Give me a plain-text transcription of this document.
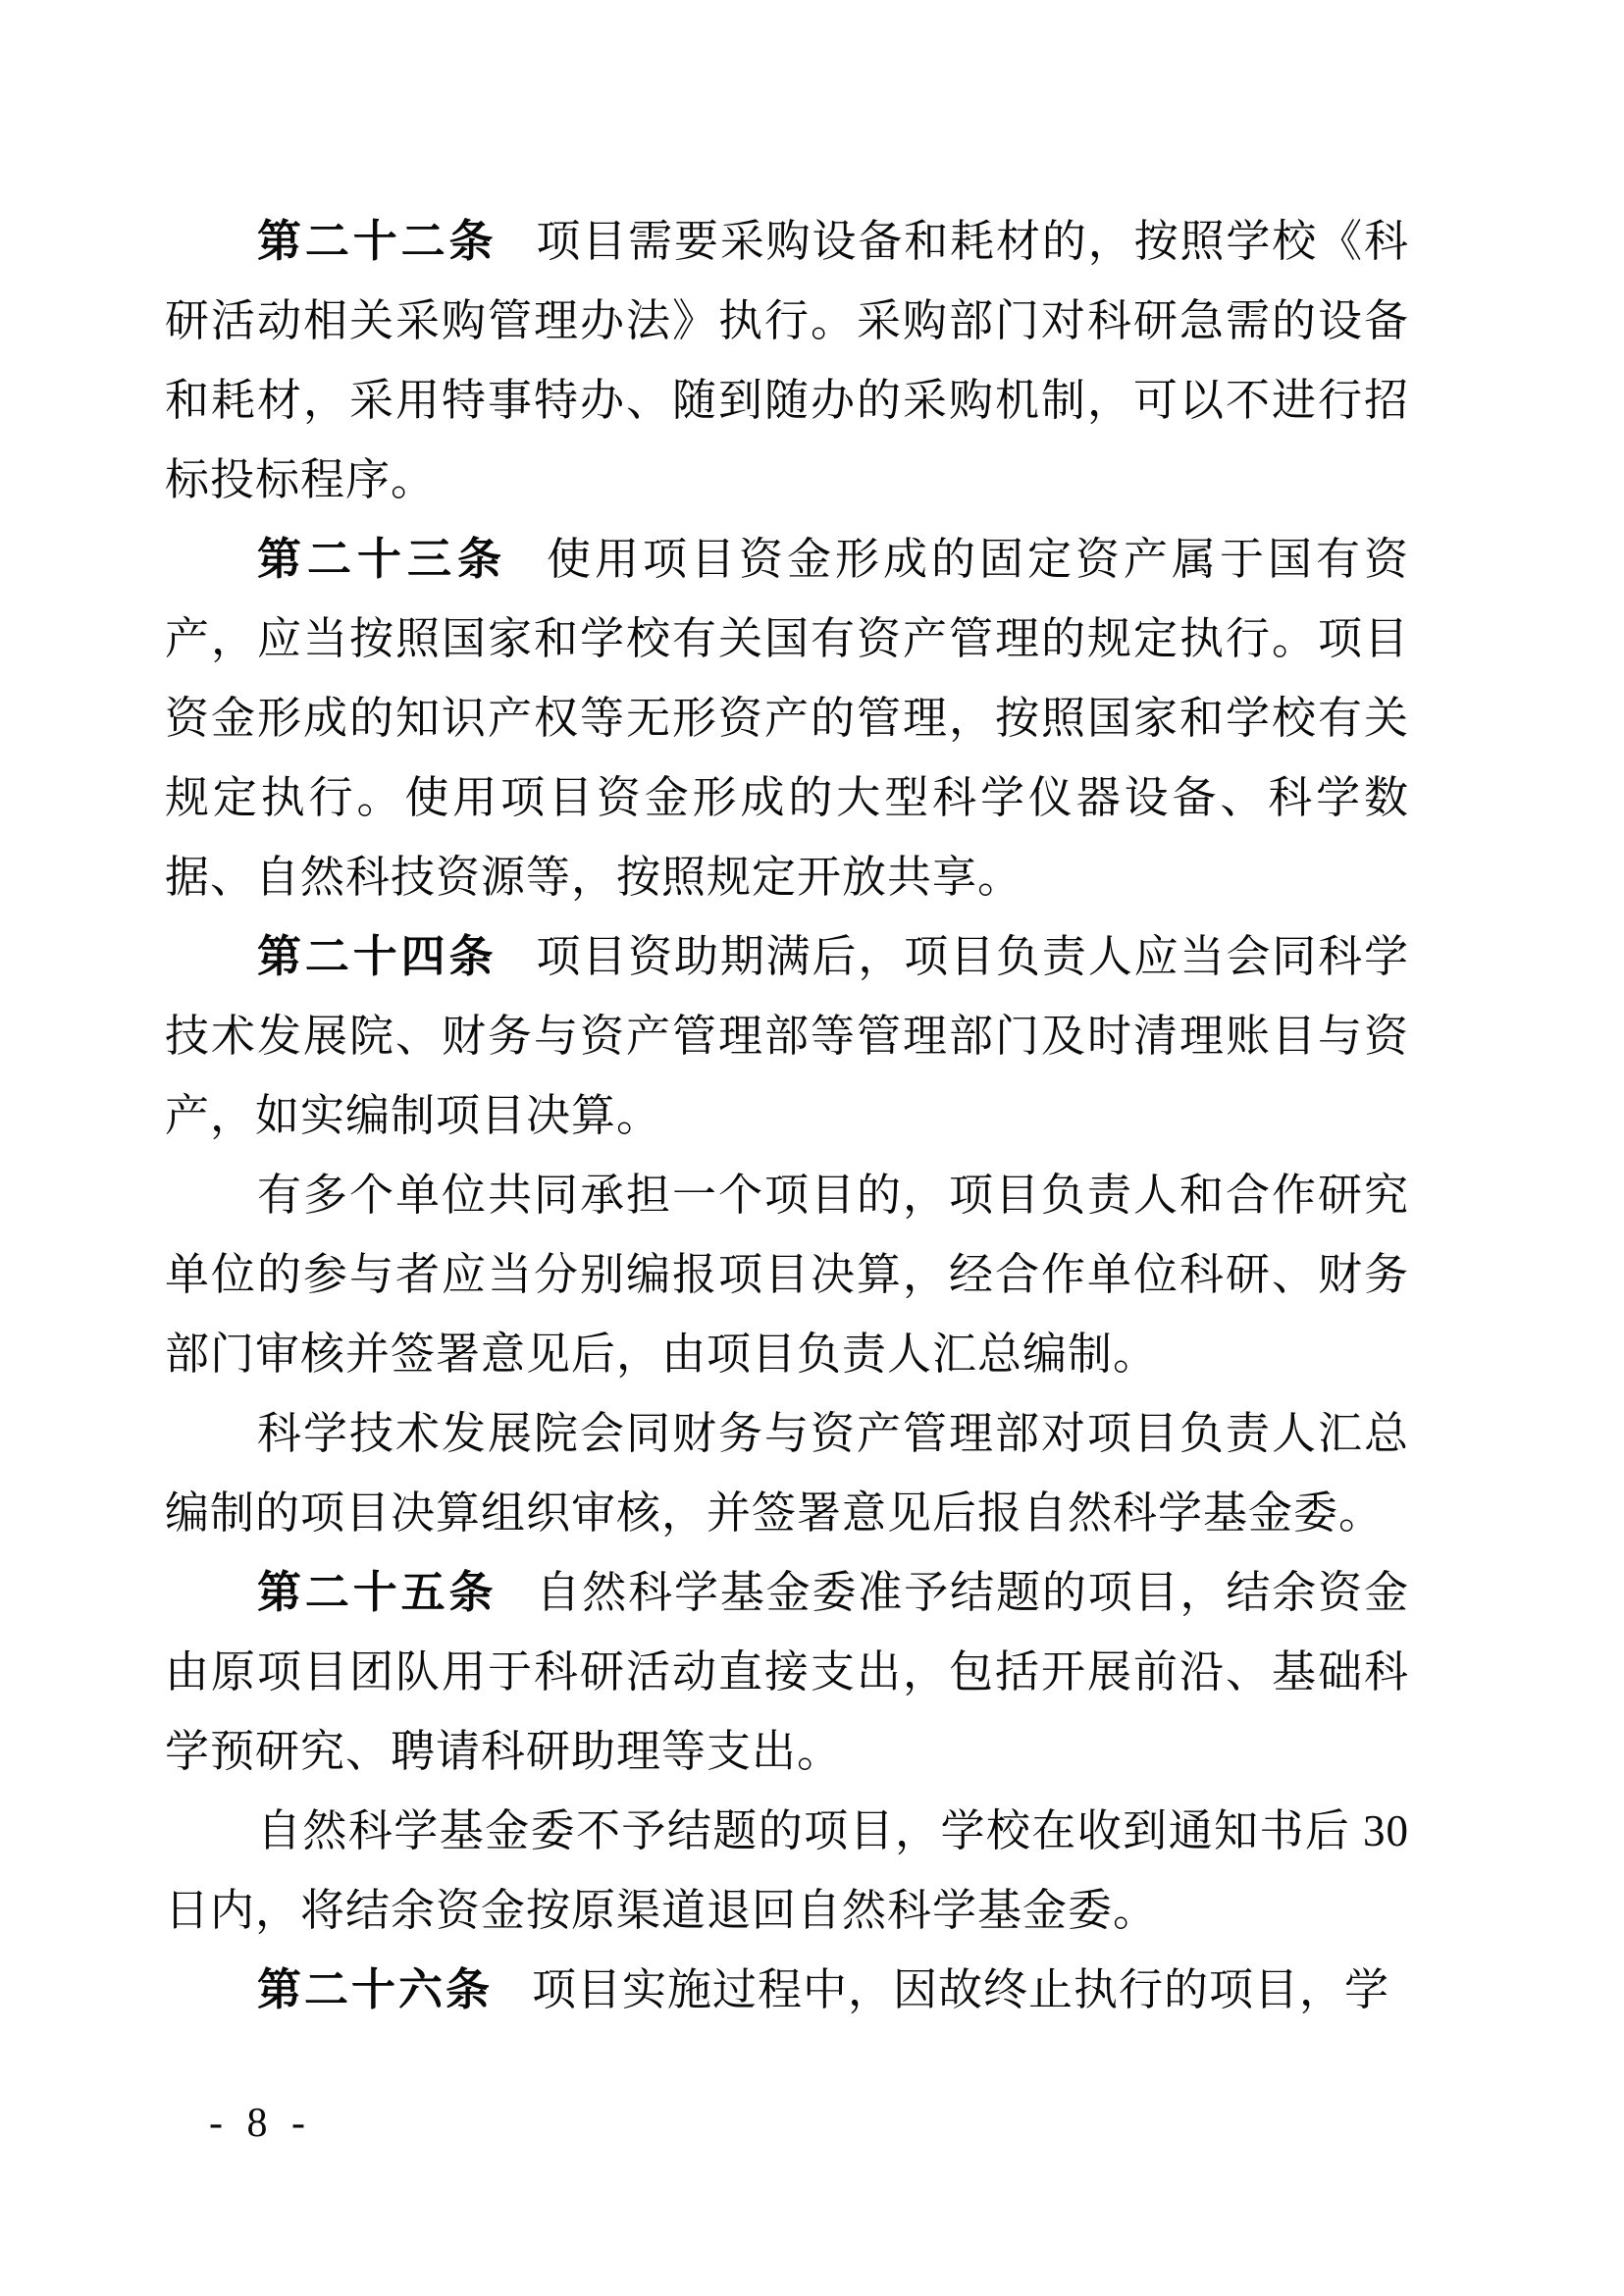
第二十二条 项目需要采购设备和耗材的，按照学校《科研活动相关采购管理办法》执行。采购部门对科研急需的设备和耗材，采用特事特办、随到随办的采购机制，可以不进行招标投标程序。

第二十三条 使用项目资金形成的固定资产属于国有资产，应当按照国家和学校有关国有资产管理的规定执行。项目资金形成的知识产权等无形资产的管理，按照国家和学校有关规定执行。使用项目资金形成的大型科学仪器设备、科学数据、自然科技资源等，按照规定开放共享。

第二十四条 项目资助期满后，项目负责人应当会同科学技术发展院、财务与资产管理部等管理部门及时清理账目与资产，如实编制项目决算。

有多个单位共同承担一个项目的，项目负责人和合作研究单位的参与者应当分别编报项目决算，经合作单位科研、财务部门审核并签署意见后，由项目负责人汇总编制。

科学技术发展院会同财务与资产管理部对项目负责人汇总编制的项目决算组织审核，并签署意见后报自然科学基金委。

第二十五条 自然科学基金委准予结题的项目，结余资金由原项目团队用于科研活动直接支出，包括开展前沿、基础科学预研究、聘请科研助理等支出。

自然科学基金委不予结题的项目，学校在收到通知书后 30 日内，将结余资金按原渠道退回自然科学基金委。

第二十六条 项目实施过程中，因故终止执行的项目，学

- 8 -
